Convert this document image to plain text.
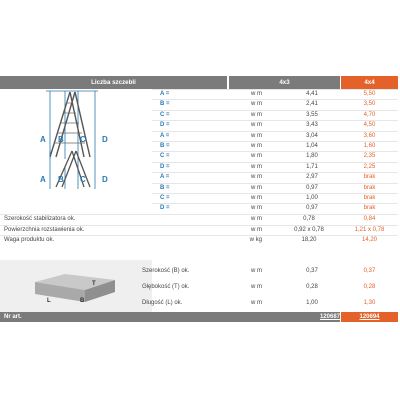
Liczba szczebli	4x3	4x4
A B C D
A B C D
A =	w m	4,41	5,50
B =	w m	2,41	3,50
C =	w m	3,55	4,70
D =	w m	3,43	4,50
A =	w m	3,04	3,60
B =	w m	1,04	1,60
C =	w m	1,80	2,35
D =	w m	1,71	2,25
A =	w m	2,97	brak
B =	w m	0,97	brak
C =	w m	1,00	brak
D =	w m	0,97	brak
Szerokość stabilizatora ok.	w m	0,78	0,84
Powierzchnia rozstawienia ok.	w m	0,92 x 0,78	1,21 x 0,78
Waga produktu ok.	w kg	18,20	14,20
T
L	B
Szerokość (B) ok.	w m	0,37	0,37
Głębokość (T) ok.	w m	0,28	0,28
Długość (L) ok.	w m	1,00	1,30
Nr art.	120687	120694
